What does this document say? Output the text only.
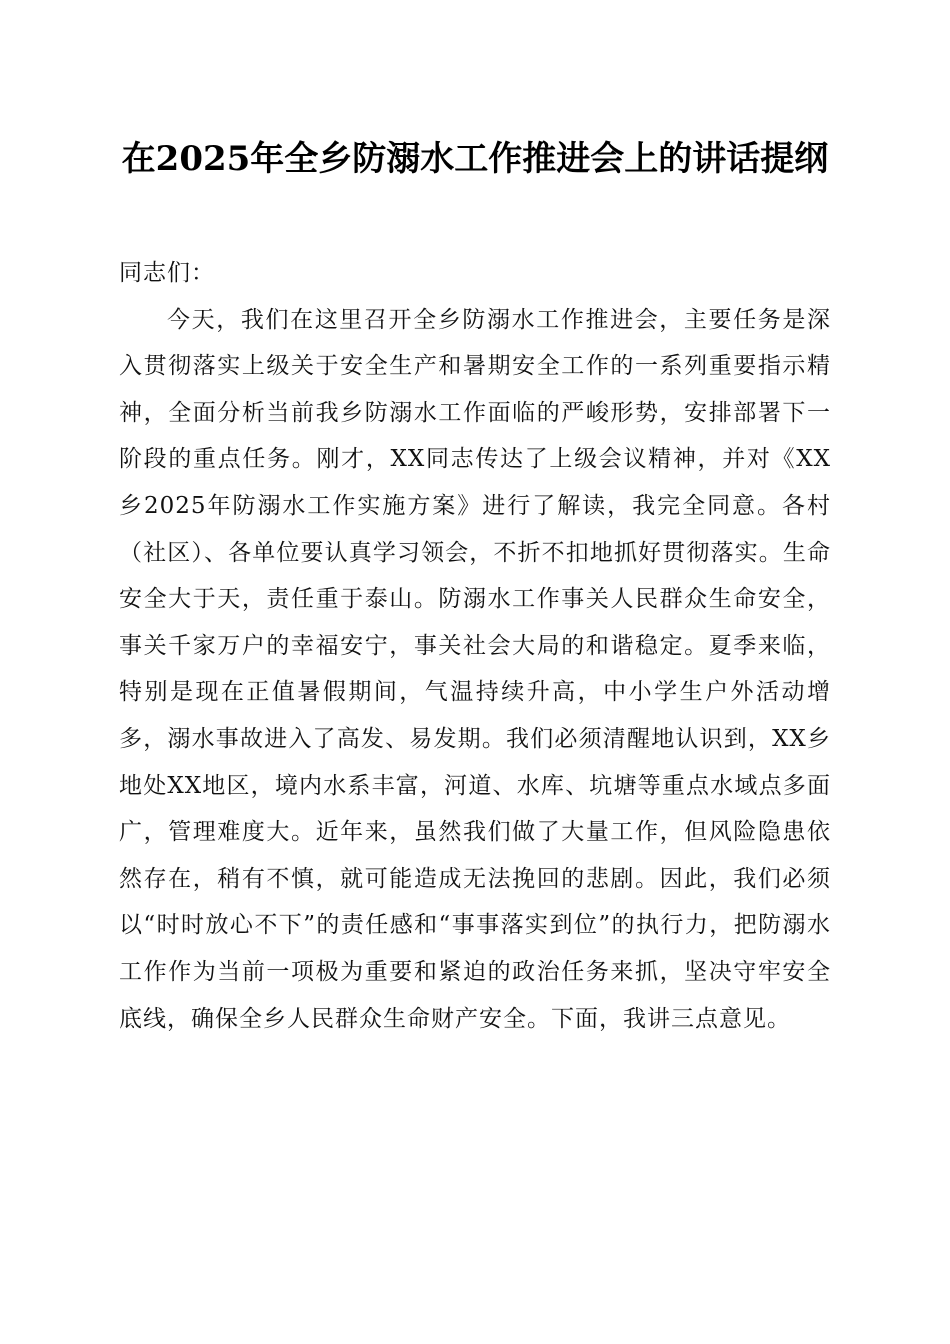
在2025年全乡防溺水工作推进会上的讲话提纲

同志们：

今天，我们在这里召开全乡防溺水工作推进会，主要任务是深入贯彻落实上级关于安全生产和暑期安全工作的一系列重要指示精神，全面分析当前我乡防溺水工作面临的严峻形势，安排部署下一阶段的重点任务。刚才，XX同志传达了上级会议精神，并对《XX乡2025年防溺水工作实施方案》进行了解读，我完全同意。各村（社区）、各单位要认真学习领会，不折不扣地抓好贯彻落实。生命安全大于天，责任重于泰山。防溺水工作事关人民群众生命安全，事关千家万户的幸福安宁，事关社会大局的和谐稳定。夏季来临，特别是现在正值暑假期间，气温持续升高，中小学生户外活动增多，溺水事故进入了高发、易发期。我们必须清醒地认识到，XX乡地处XX地区，境内水系丰富，河道、水库、坑塘等重点水域点多面广，管理难度大。近年来，虽然我们做了大量工作，但风险隐患依然存在，稍有不慎，就可能造成无法挽回的悲剧。因此，我们必须以“时时放心不下”的责任感和“事事落实到位”的执行力，把防溺水工作作为当前一项极为重要和紧迫的政治任务来抓，坚决守牢安全底线，确保全乡人民群众生命财产安全。下面，我讲三点意见。
